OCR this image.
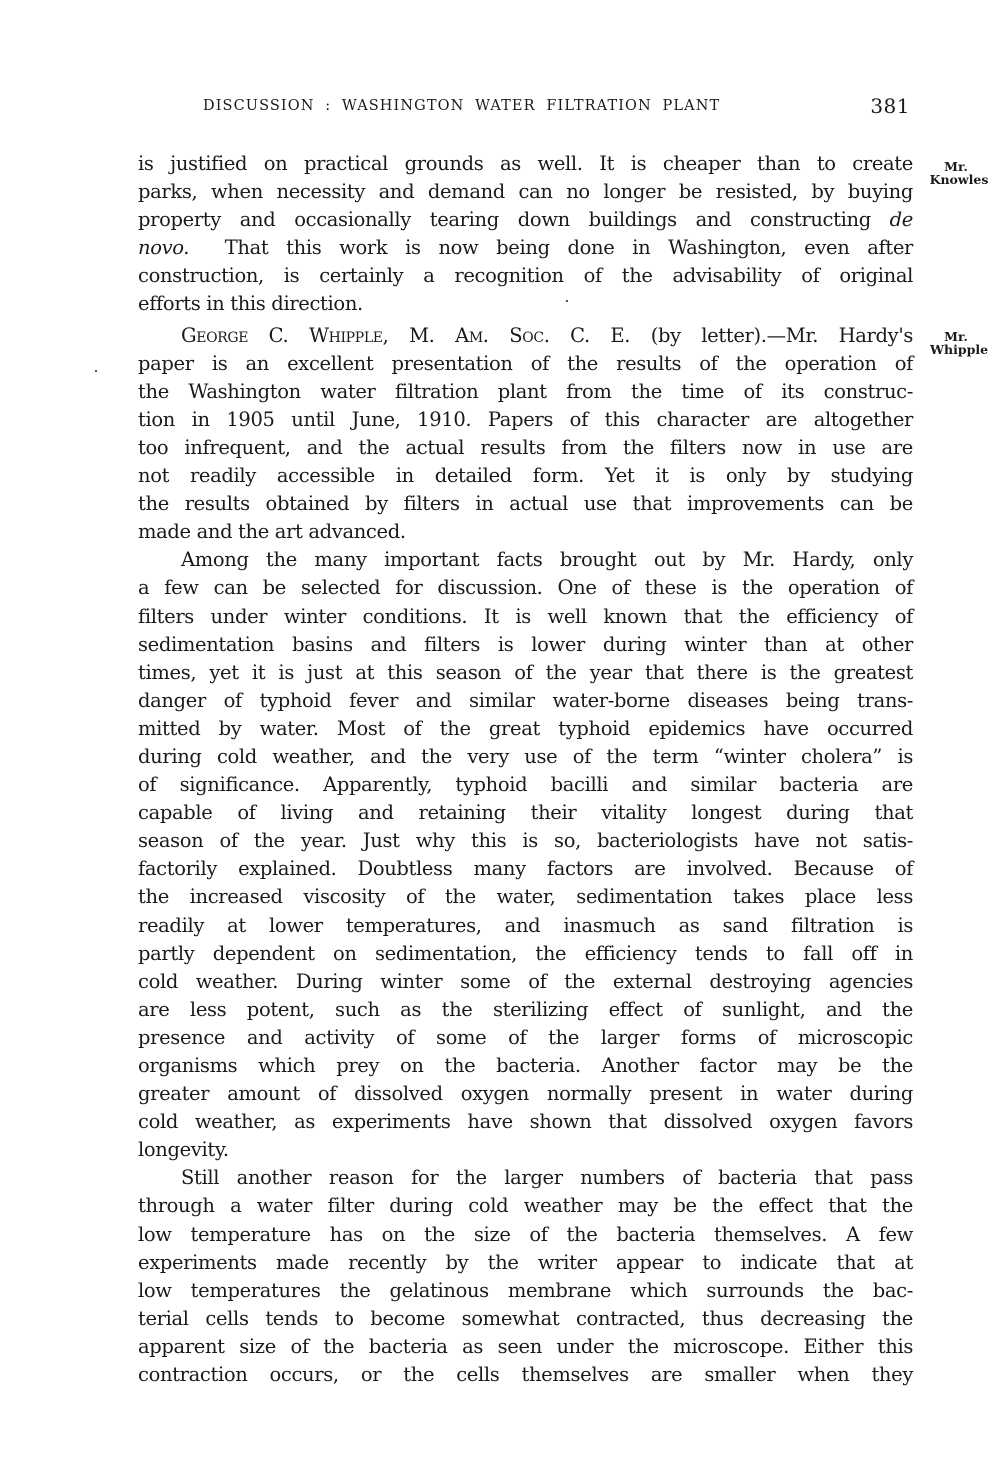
DISCUSSION : WASHINGTON WATER FILTRATION PLANT	381
Mr.
Knowles
Mr.
Whipple
is justified on practical grounds as well. It is cheaper than to create
parks, when necessity and demand can no longer be resisted, by buying
property and occasionally tearing down buildings and constructing de
novo. That this work is now being done in Washington, even after
construction, is certainly a recognition of the advisability of original
efforts in this direction.
George C. Whipple, M. Am. Soc. C. E. (by letter).—Mr. Hardy's
paper is an excellent presentation of the results of the operation of
the Washington water filtration plant from the time of its construc-
tion in 1905 until June, 1910. Papers of this character are altogether
too infrequent, and the actual results from the filters now in use are
not readily accessible in detailed form. Yet it is only by studying
the results obtained by filters in actual use that improvements can be
made and the art advanced.
Among the many important facts brought out by Mr. Hardy, only
a few can be selected for discussion. One of these is the operation of
filters under winter conditions. It is well known that the efficiency of
sedimentation basins and filters is lower during winter than at other
times, yet it is just at this season of the year that there is the greatest
danger of typhoid fever and similar water-borne diseases being trans-
mitted by water. Most of the great typhoid epidemics have occurred
during cold weather, and the very use of the term “winter cholera” is
of significance. Apparently, typhoid bacilli and similar bacteria are
capable of living and retaining their vitality longest during that
season of the year. Just why this is so, bacteriologists have not satis-
factorily explained. Doubtless many factors are involved. Because of
the increased viscosity of the water, sedimentation takes place less
readily at lower temperatures, and inasmuch as sand filtration is
partly dependent on sedimentation, the efficiency tends to fall off in
cold weather. During winter some of the external destroying agencies
are less potent, such as the sterilizing effect of sunlight, and the
presence and activity of some of the larger forms of microscopic
organisms which prey on the bacteria. Another factor may be the
greater amount of dissolved oxygen normally present in water during
cold weather, as experiments have shown that dissolved oxygen favors
longevity.
Still another reason for the larger numbers of bacteria that pass
through a water filter during cold weather may be the effect that the
low temperature has on the size of the bacteria themselves. A few
experiments made recently by the writer appear to indicate that at
low temperatures the gelatinous membrane which surrounds the bac-
terial cells tends to become somewhat contracted, thus decreasing the
apparent size of the bacteria as seen under the microscope. Either this
contraction occurs, or the cells themselves are smaller when they
